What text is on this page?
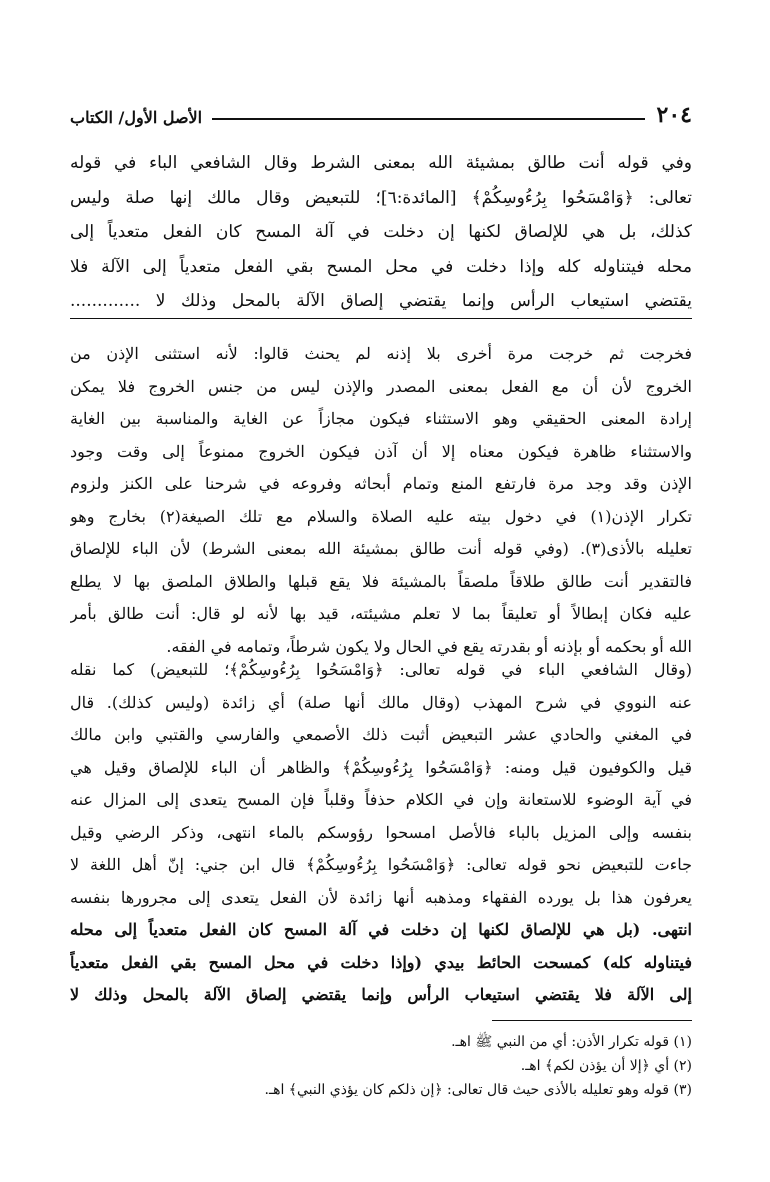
٢٠٤
الأصل الأول/ الكتاب
وفي قوله أنت طالق بمشيئة الله بمعنى الشرط وقال الشافعي الباء في قوله
تعالى: ﴿وَامْسَحُوا بِرُءُوسِكُمْ﴾ [المائدة:٦]؛ للتبعيض وقال مالك إنها صلة وليس
كذلك، بل هي للإلصاق لكنها إن دخلت في آلة المسح كان الفعل متعدياً إلى
محله فيتناوله كله وإذا دخلت في محل المسح بقي الفعل متعدياً إلى الآلة فلا
يقتضي استيعاب الرأس وإنما يقتضي إلصاق الآلة بالمحل وذلك لا .............
فخرجت ثم خرجت مرة أخرى بلا إذنه لم يحنث قالوا: لأنه استثنى الإذن من
الخروج لأن أن مع الفعل بمعنى المصدر والإذن ليس من جنس الخروج فلا يمكن
إرادة المعنى الحقيقي وهو الاستثناء فيكون مجازاً عن الغاية والمناسبة بين الغاية
والاستثناء ظاهرة فيكون معناه إلا أن آذن فيكون الخروج ممنوعاً إلى وقت وجود
الإذن وقد وجد مرة فارتفع المنع وتمام أبحاثه وفروعه في شرحنا على الكنز ولزوم
تكرار الإذن(١) في دخول بيته عليه الصلاة والسلام مع تلك الصيغة(٢) بخارج وهو
تعليله بالأذى(٣). (وفي قوله أنت طالق بمشيئة الله بمعنى الشرط) لأن الباء للإلصاق
فالتقدير أنت طالق طلاقاً ملصقاً بالمشيئة فلا يقع قبلها والطلاق الملصق بها لا يطلع
عليه فكان إبطالاً أو تعليقاً بما لا تعلم مشيئته، قيد بها لأنه لو قال: أنت طالق بأمر
الله أو بحكمه أو بإذنه أو بقدرته يقع في الحال ولا يكون شرطاً، وتمامه في الفقه.
(وقال الشافعي الباء في قوله تعالى: ﴿وَامْسَحُوا بِرُءُوسِكُمْ﴾؛ للتبعيض) كما نقله
عنه النووي في شرح المهذب (وقال مالك أنها صلة) أي زائدة (وليس كذلك). قال
في المغني والحادي عشر التبعيض أثبت ذلك الأصمعي والفارسي والقتبي وابن مالك
قيل والكوفيون قيل ومنه: ﴿وَامْسَحُوا بِرُءُوسِكُمْ﴾ والظاهر أن الباء للإلصاق وقيل هي
في آية الوضوء للاستعانة وإن في الكلام حذفاً وقلباً فإن المسح يتعدى إلى المزال عنه
بنفسه وإلى المزيل بالباء فالأصل امسحوا رؤوسكم بالماء انتهى، وذكر الرضي وقيل
جاءت للتبعيض نحو قوله تعالى: ﴿وَامْسَحُوا بِرُءُوسِكُمْ﴾ قال ابن جني: إنّ أهل اللغة لا
يعرفون هذا بل يورده الفقهاء ومذهبه أنها زائدة لأن الفعل يتعدى إلى مجرورها بنفسه
انتهى. (بل هي للإلصاق لكنها إن دخلت في آلة المسح كان الفعل متعدياً إلى محله
فيتناوله كله) كمسحت الحائط بيدي (وإذا دخلت في محل المسح بقي الفعل متعدياً
إلى الآلة فلا يقتضي استيعاب الرأس وإنما يقتضي إلصاق الآلة بالمحل وذلك لا
(١) قوله تكرار الأذن: أي من النبي ﷺ اهـ.
(٢) أي ﴿إلا أن يؤذن لكم﴾ اهـ.
(٣) قوله وهو تعليله بالأذى حيث قال تعالى: ﴿إن ذلكم كان يؤذي النبي﴾ اهـ.
